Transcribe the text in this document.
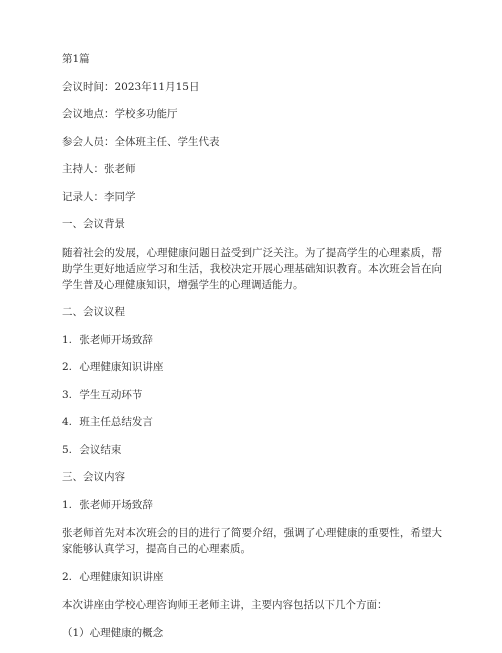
第1篇

会议时间：2023年11月15日

会议地点：学校多功能厅

参会人员：全体班主任、学生代表

主持人：张老师

记录人：李同学

一、会议背景

随着社会的发展，心理健康问题日益受到广泛关注。为了提高学生的心理素质，帮助学生更好地适应学习和生活，我校决定开展心理基础知识教育。本次班会旨在向学生普及心理健康知识，增强学生的心理调适能力。

二、会议议程

1. 张老师开场致辞

2. 心理健康知识讲座

3. 学生互动环节

4. 班主任总结发言

5. 会议结束

三、会议内容

1. 张老师开场致辞

张老师首先对本次班会的目的进行了简要介绍，强调了心理健康的重要性，希望大家能够认真学习，提高自己的心理素质。

2. 心理健康知识讲座

本次讲座由学校心理咨询师王老师主讲，主要内容包括以下几个方面：

（1）心理健康的概念
